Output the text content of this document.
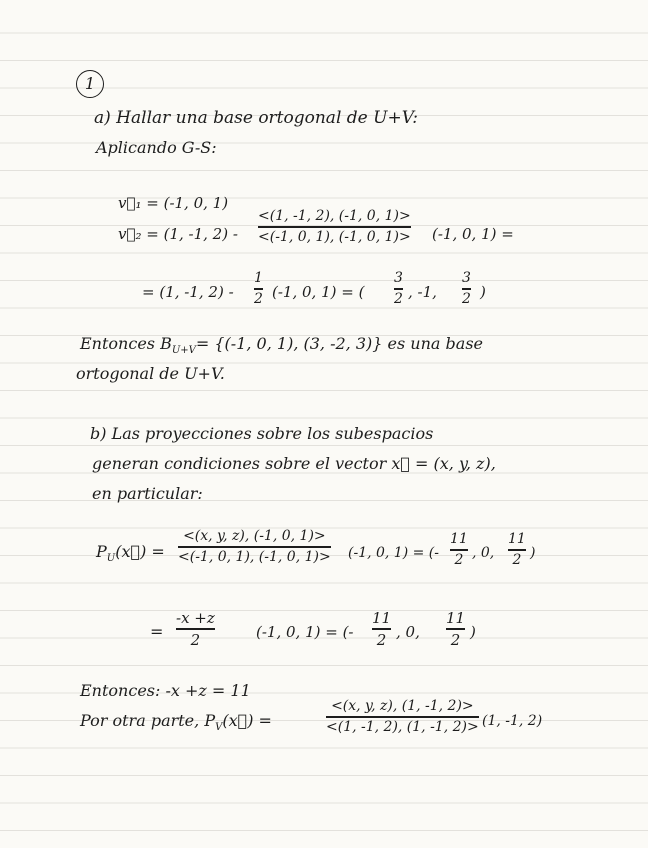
1
a) Hallar una base ortogonal de U+V:
Aplicando G-S:
v⃗₁ = (-1, 0, 1)
v⃗₂ = (1, -1, 2) -
<(1, -1, 2), (-1, 0, 1)>
<(-1, 0, 1), (-1, 0, 1)> (-1, 0, 1) =
= (1, -1, 2) -
1
2 (-1, 0, 1) = (
3
2 , -1,
3
2 )
Entonces $B_{U+V}= \{(-1$, 0, 1), (3, -2, 3)} es una base
ortogonal de U+V.
b) Las proyecciones sobre los subespacios
generan condiciones sobre el vector x⃗ = (x, y, z),
en particular:
$P_U(x⃗)$ =
<(x, y, z), (-1, 0, 1)>
<(-1, 0, 1), (-1, 0, 1)> (-1, 0, 1) = (-
11
2 , 0,
11
2 )
=
-x +z
2	(-1, 0, 1) = (-
11
2 , 0,
11
2 )
Entonces: -x +z = 11
Por otra parte, $P_V(x⃗)$ =
<(x, y, z), (1, -1, 2)>
<(1, -1, 2), (1, -1, 2)> (1, -1, 2)
